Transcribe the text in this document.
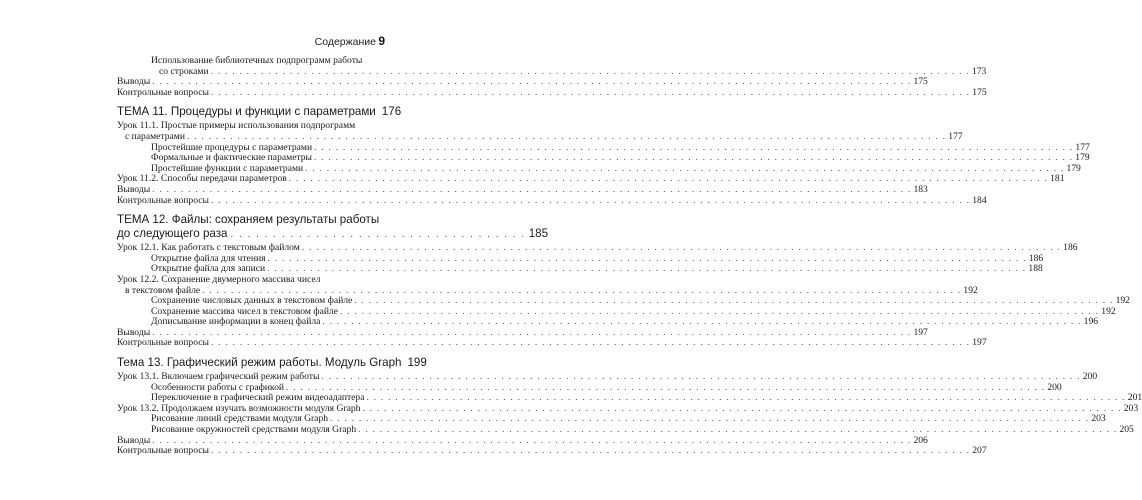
Содержание 9
Использование библиотечных подпрограмм работы
со строками . . .	173
Выводы . . .	175
Контрольные вопросы . . .	175
ТЕМА 11. Процедуры и функции с параметрами 176
Урок 11.1. Простые примеры использования подпрограмм
с параметрами . . .	177
Простейшие процедуры с параметрами . . .	177
Формальные и фактические параметры . . .	179
Простейшие функции с параметрами . . .	179
Урок 11.2. Способы передачи параметров . . .	181
Выводы . . .	183
Контрольные вопросы . . .	184
ТЕМА 12. Файлы: сохраняем результаты работы
до следующего раза . . .	185
Урок 12.1. Как работать с текстовым файлом . . .	186
Открытие файла для чтения . . .	186
Открытие файла для записи . . .	188
Урок 12.2. Сохранение двумерного массива чисел
в текстовом файле . . .	192
Сохранение числовых данных в текстовом файле . . .	192
Сохранение массива чисел в текстовом файле . . .	192
Дописывание информации в конец файла . . .	196
Выводы . . .	197
Контрольные вопросы . . .	197
Тема 13. Графический режим работы. Модуль Graph 199
Урок 13.1. Включаем графический режим работы . . .	200
Особенности работы с графикой . . .	200
Переключение в графический режим видеоадаптера . . .	201
Урок 13.2. Продолжаем изучать возможности модуля Graph . . .	203
Рисование линий средствами модуля Graph . . .	203
Рисование окружностей средствами модуля Graph . . .	205
Выводы . . .	206
Контрольные вопросы . . .	207
